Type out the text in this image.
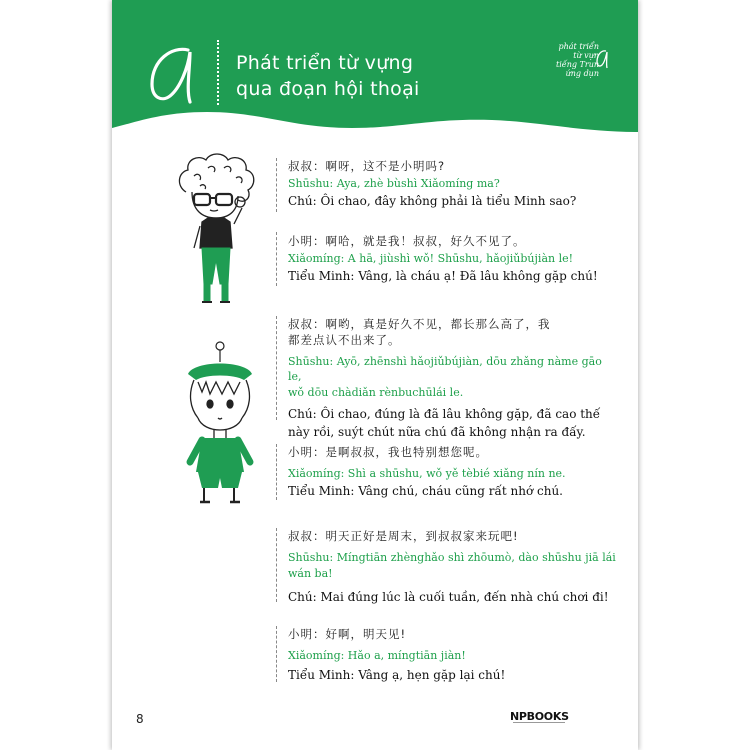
Phát triển từ vựng
qua đoạn hội thoại
phát triển
từ vựn
tiếng Trun
ứng dụn
叔叔：啊呀，这不是小明吗?
Shūshu: Aya, zhè bùshì Xiǎomíng ma?
Chú: Ôi chao, đây không phải là tiểu Minh sao?
小明：啊哈，就是我！叔叔，好久不见了。
Xiǎomíng: A hā, jiùshì wǒ! Shūshu, hǎojiǔbújiàn le!
Tiểu Minh: Vâng, là cháu ạ! Đã lâu không gặp chú!
叔叔：啊哟，真是好久不见，都长那么高了，我
都差点认不出来了。
Shūshu: Ayō, zhēnshì hǎojiǔbújiàn, dōu zhǎng nàme gāo le,
wǒ dōu chàdiǎn rènbuchūlái le.
Chú: Ôi chao, đúng là đã lâu không gặp, đã cao thế
này rồi, suýt chút nữa chú đã không nhận ra đấy.
小明：是啊叔叔，我也特别想您呢。
Xiǎomíng: Shì a shūshu, wǒ yě tèbié xiǎng nín ne.
Tiểu Minh: Vâng chú, cháu cũng rất nhớ chú.
叔叔：明天正好是周末，到叔叔家来玩吧!
Shūshu: Míngtiān zhènghǎo shì zhōumò, dào shūshu jiā lái
wán ba!
Chú: Mai đúng lúc là cuối tuần, đến nhà chú chơi đi!
小明：好啊，明天见!
Xiǎomíng: Hǎo a, míngtiān jiàn!
Tiểu Minh: Vâng ạ, hẹn gặp lại chú!
8	NPBOOKS
